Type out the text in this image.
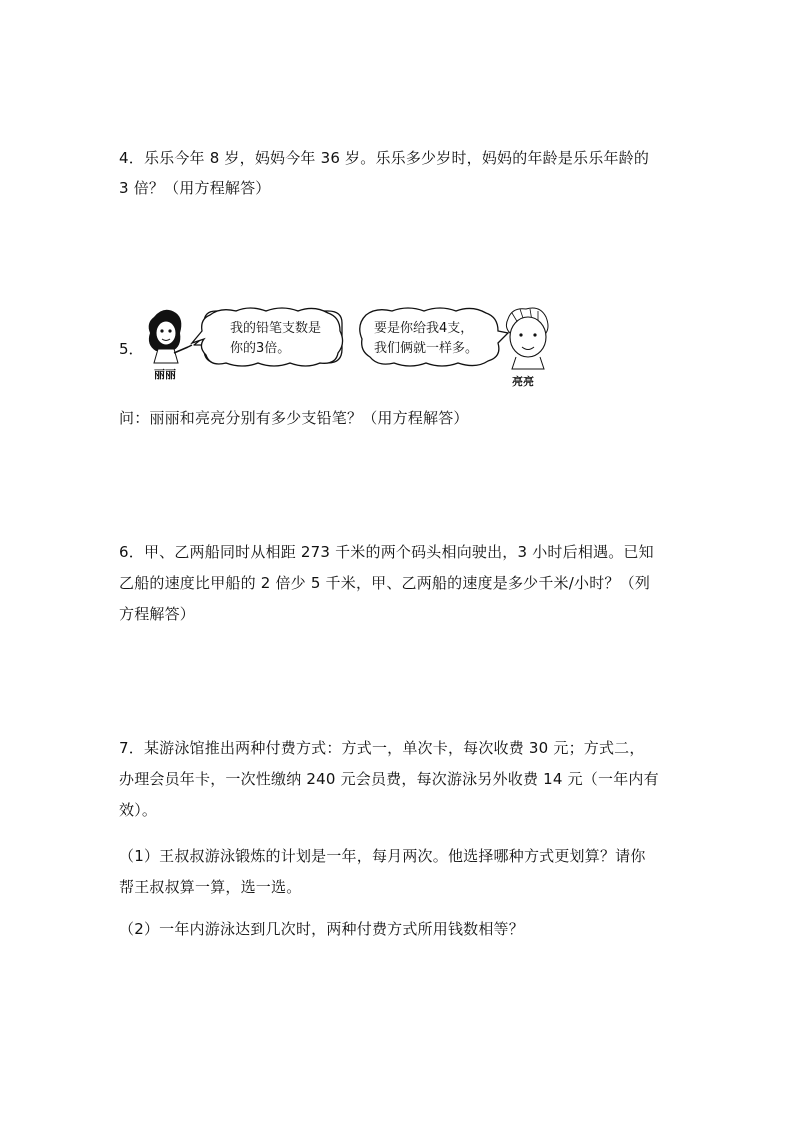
4．乐乐今年 8 岁，妈妈今年 36 岁。乐乐多少岁时，妈妈的年龄是乐乐年龄的
3 倍？（用方程解答）
5．
丽丽
我的铅笔支数是
你的3倍。
要是你给我4支，
我们俩就一样多。
亮亮
问：丽丽和亮亮分别有多少支铅笔？（用方程解答）
6．甲、乙两船同时从相距 273 千米的两个码头相向驶出，3 小时后相遇。已知
乙船的速度比甲船的 2 倍少 5 千米，甲、乙两船的速度是多少千米/小时？（列
方程解答）
7．某游泳馆推出两种付费方式：方式一，单次卡，每次收费 30 元；方式二，
办理会员年卡，一次性缴纳 240 元会员费，每次游泳另外收费 14 元（一年内有
效）。
（1）王叔叔游泳锻炼的计划是一年，每月两次。他选择哪种方式更划算？请你
帮王叔叔算一算，选一选。
（2）一年内游泳达到几次时，两种付费方式所用钱数相等？
